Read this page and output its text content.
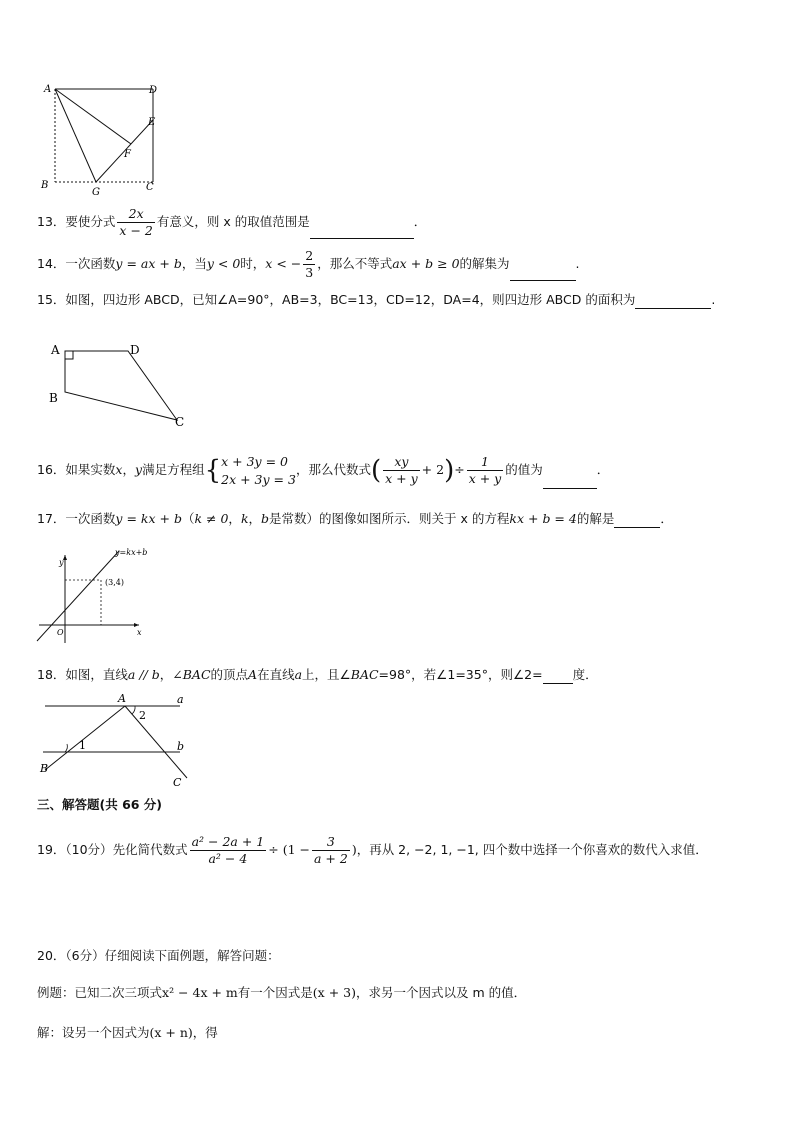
A	D
E
F
B
G	C
13．要使分式 $\frac{2x}{x - 2}$ 有意义，则 x 的取值范围是	．
14．一次函数y = ax + b，当y < 0时，x < − $\frac{2}{3}$ ，那么不等式ax + b ≥ 0的解集为	.
15．如图，四边形 ABCD，已知∠A=90°，AB=3，BC=13，CD=12，DA=4，则四边形 ABCD 的面积为	.
A	D
B
C
16．如果实数x，y满足方程组{ x + 3y = 0
2x + 3y = 3
，那么代数式( $\frac{xy}{x + y} + 2)\div \frac{1}{x + y}$ 的值为	．
17．一次函数y = kx + b（k ≠ 0，k，b是常数）的图像如图所示．则关于 x 的方程kx + b = 4的解是	．
y=kx+b
(3,4)
y
x
O
18．如图，直线a // b，∠BAC的顶点A在直线a上，且∠BAC=98°，若∠1=35°，则∠2= 度．
A	a
b
B
C
1
2
三、解答题(共 66 分)
19．（10分）先化简代数式 $\frac{\text{a² − 2a + 1}}{\text{a² − 4}} \div (1 - \frac{3}{a + 2}$ )，再从 2, −2, 1, −1, 四个数中选择一个你喜欢的数代入求值．
20．（6分）仔细阅读下面例题，解答问题：
例题：已知二次三项式x² − 4x + m有一个因式是(x + 3)，求另一个因式以及 m 的值．
解：设另一个因式为(x + n)，得
